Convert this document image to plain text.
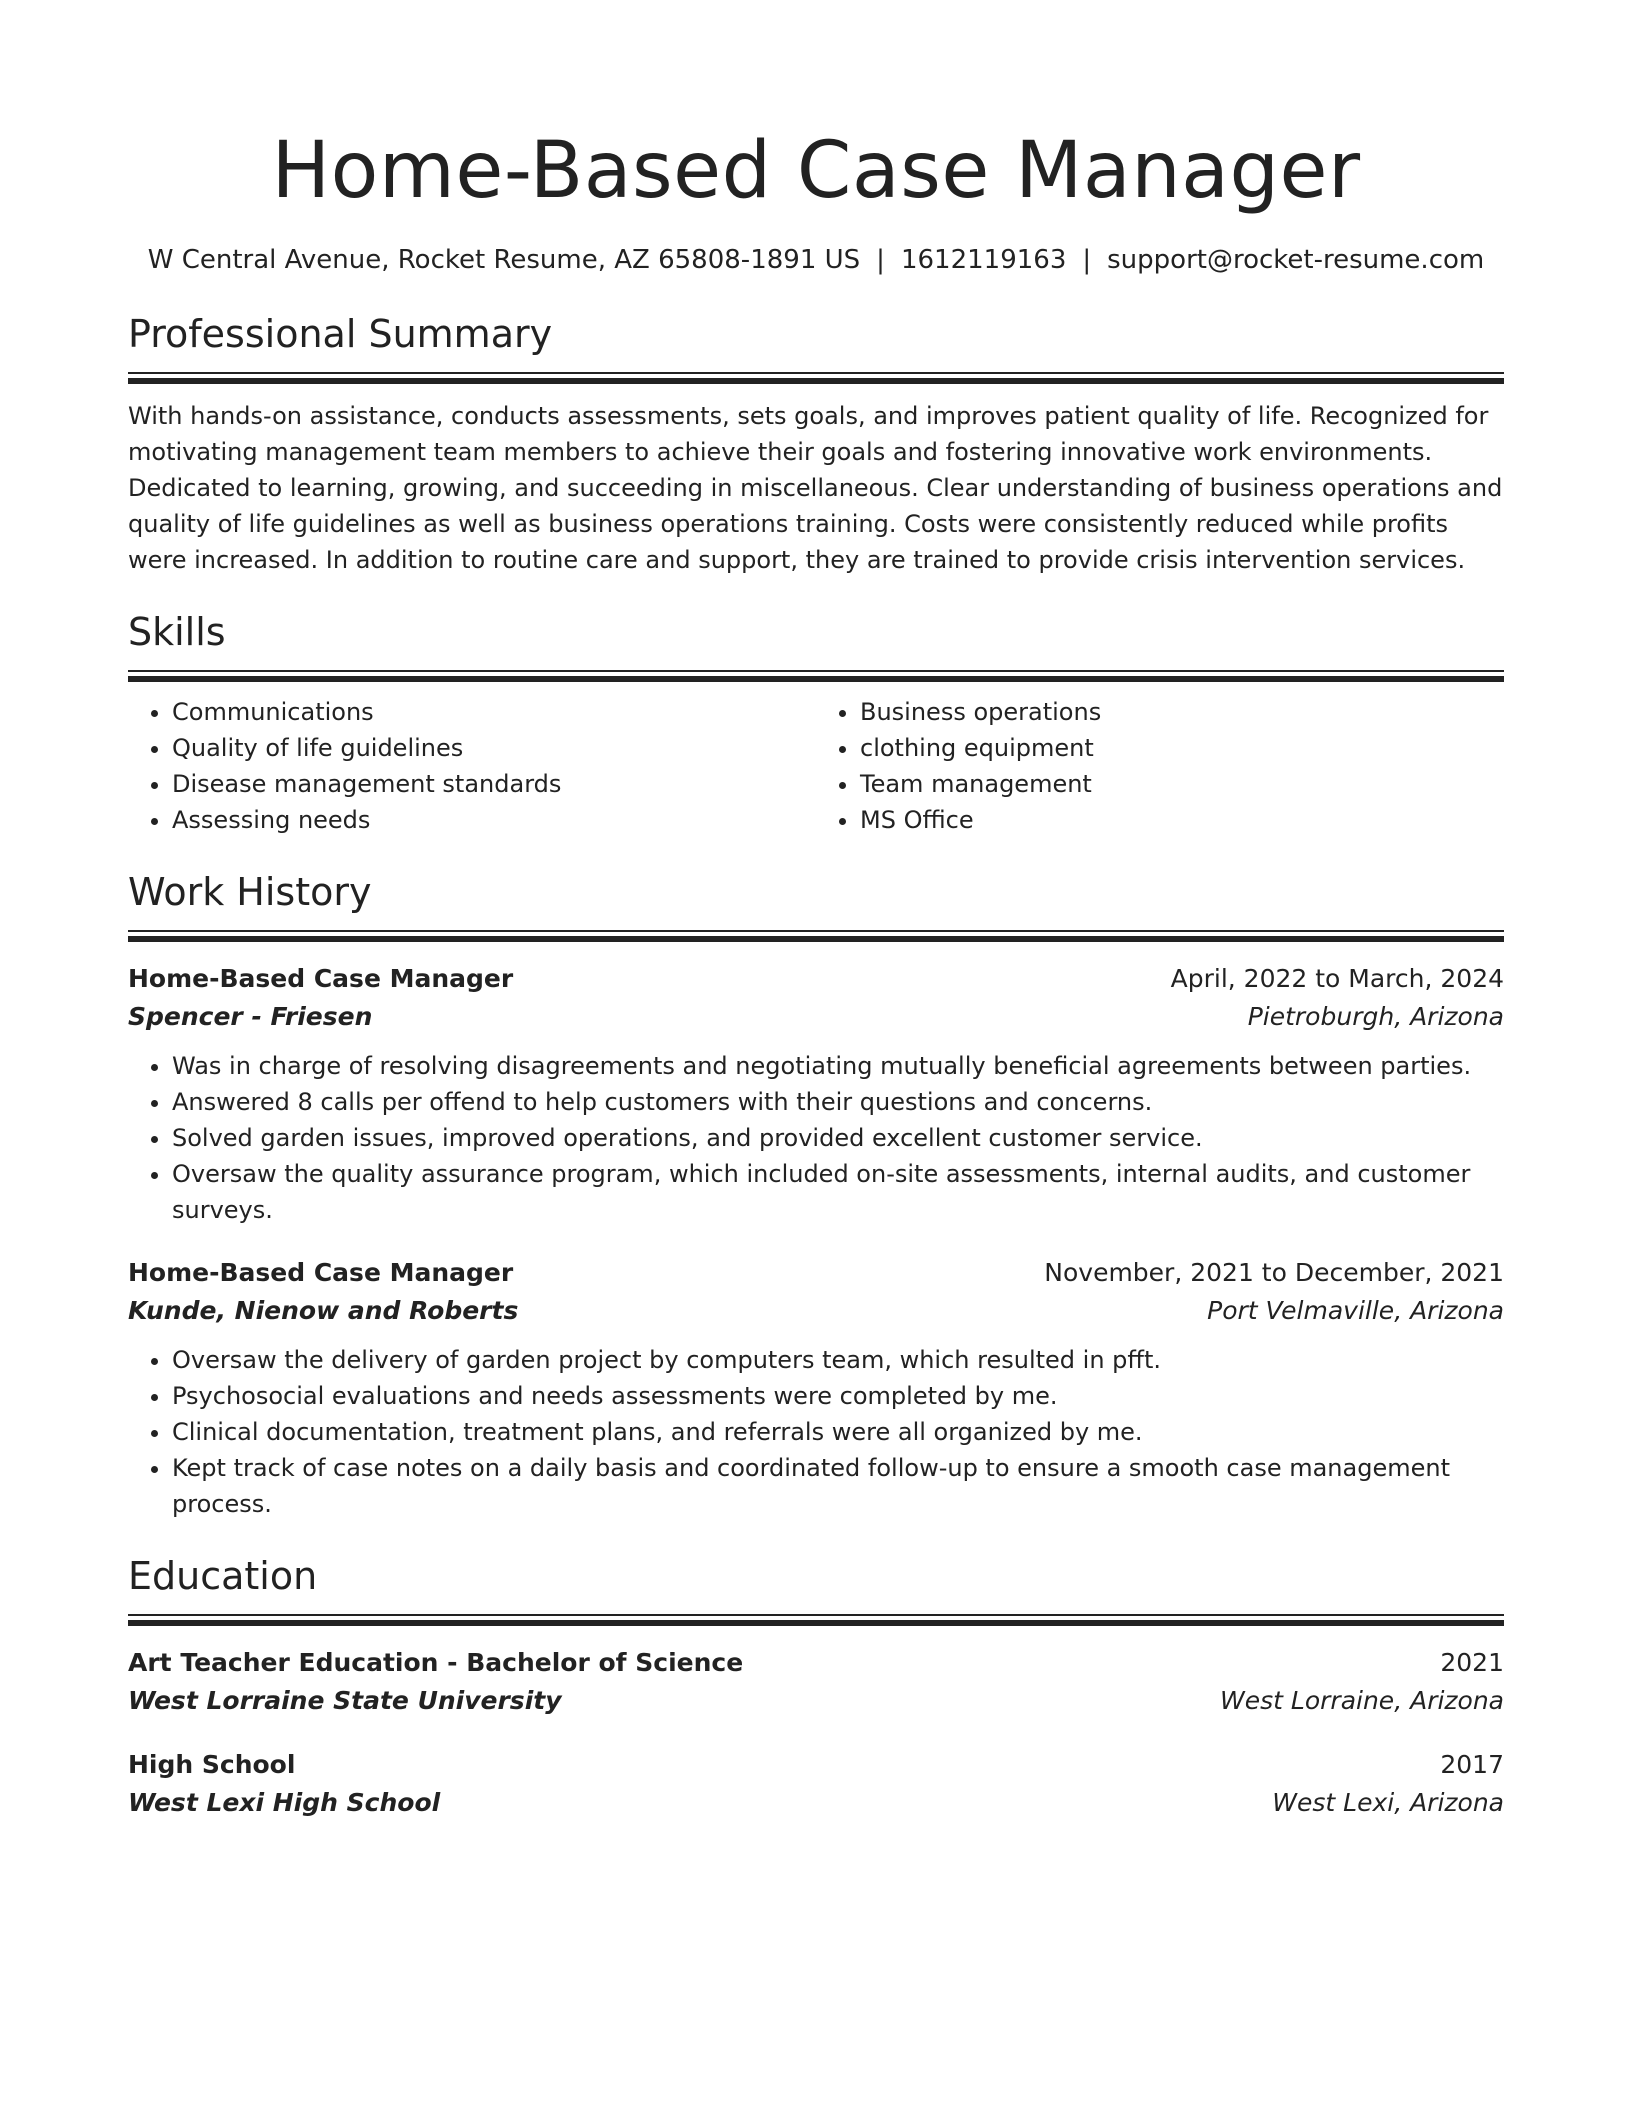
Home-Based Case Manager
W Central Avenue, Rocket Resume, AZ 65808-1891 US | 1612119163 | support@rocket-resume.com
Professional Summary
With hands-on assistance, conducts assessments, sets goals, and improves patient quality of life. Recognized for motivating management team members to achieve their goals and fostering innovative work environments. Dedicated to learning, growing, and succeeding in miscellaneous. Clear understanding of business operations and quality of life guidelines as well as business operations training. Costs were consistently reduced while profits were increased. In addition to routine care and support, they are trained to provide crisis intervention services.
Skills
• Communications
• Quality of life guidelines
• Disease management standards
• Assessing needs
• Business operations
• clothing equipment
• Team management
• MS Office
Work History
Home-Based Case Manager	April, 2022 to March, 2024
Spencer - Friesen	Pietroburgh, Arizona
• Was in charge of resolving disagreements and negotiating mutually beneficial agreements between parties.
• Answered 8 calls per offend to help customers with their questions and concerns.
• Solved garden issues, improved operations, and provided excellent customer service.
• Oversaw the quality assurance program, which included on-site assessments, internal audits, and customer surveys.
Home-Based Case Manager	November, 2021 to December, 2021
Kunde, Nienow and Roberts	Port Velmaville, Arizona
• Oversaw the delivery of garden project by computers team, which resulted in pfft.
• Psychosocial evaluations and needs assessments were completed by me.
• Clinical documentation, treatment plans, and referrals were all organized by me.
• Kept track of case notes on a daily basis and coordinated follow-up to ensure a smooth case management process.
Education
Art Teacher Education - Bachelor of Science	2021
West Lorraine State University	West Lorraine, Arizona
High School	2017
West Lexi High School	West Lexi, Arizona
